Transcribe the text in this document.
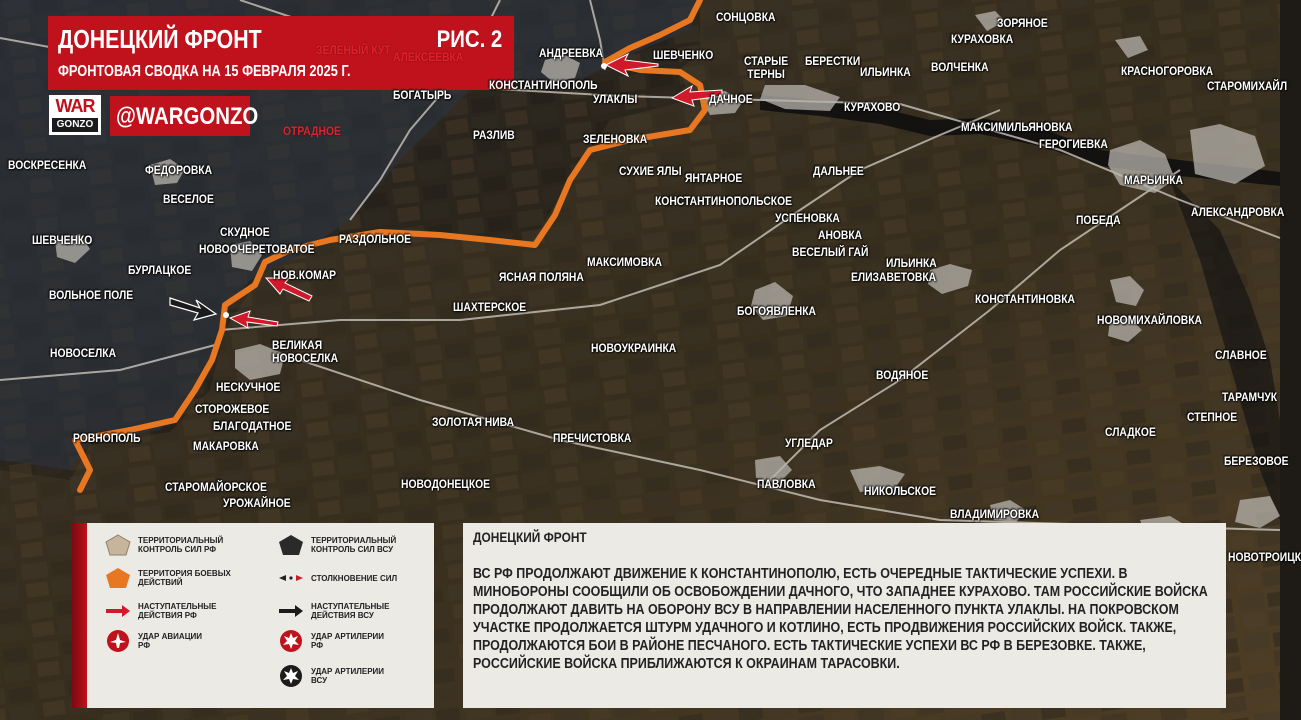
ДОНЕЦКИЙ ФРОНТ	РИС. 2
ФРОНТОВАЯ СВОДКА НА 15 ФЕВРАЛЯ 2025 Г.
WAR
GONZO @WARGONZO
СОНЦОВКА	ЗОРЯНОЕ
КУРАХОВКА
ЗЕЛЕНЫЙ КУТ АЛЕКСЕЕВКА	АНДРЕЕВКА	ШЕВЧЕНКО	СТАРЫЕ
ТЕРНЫ
БЕРЕСТКИ
ИЛЬИНКА ВОЛЧЕНКА	КРАСНОГОРОВКА
СТАРОМИХАЙЛ
КОНСТАНТИНОПОЛЬ
БОГАТЫРЬ	УЛАКЛЫ	ДАЧНОЕ
КУРАХОВО
ОТРАДНОЕ	РАЗЛИВ	ЗЕЛЕНОВКА
МАКСИМИЛЬЯНОВКА
ГЕРОГИЕВКА
ВОСКРЕСЕНКА	ФЕДОРОВКА	СУХИЕ ЯЛЫ ЯНТАРНОЕ	ДАЛЬНЕЕ
МАРЬИНКА
ВЕСЕЛОЕ	КОНСТАНТИНОПОЛЬСКОЕ
ПОБЕДА
АЛЕКСАНДРОВКА
СКУДНОЕ
УСПЕНОВКА
ШЕВЧЕНКО
НОВООЧЕРЕТОВАТОЕ
РАЗДОЛЬНОЕ	АНОВКА
ВЕСЕЛЫЙ ГАЙ
ИЛЬИНКА
БУРЛАЦКОЕ	НОВ.КОМАР	ЯСНАЯ ПОЛЯНА
МАКСИМОВКА
ЕЛИЗАВЕТОВКА
ВОЛЬНОЕ ПОЛЕ
ШАХТЕРСКОЕ
КОНСТАНТИНОВКА
БОГОЯВЛЕНКА
НОВОМИХАЙЛОВКА
ВЕЛИКАЯ
НОВОСЕЛКА
НОВОСЕЛКА	НОВОУКРАИНКА	СЛАВНОЕ
НЕСКУЧНОЕ
ВОДЯНОЕ
ТАРАМЧУК
СТОРОЖЕВОЕ
СТЕПНОЕ
БЛАГОДАТНОЕ	ЗОЛОТАЯ НИВА
РОВНОПОЛЬ	СЛАДКОЕ
ПРЕЧИСТОВКА	УГЛЕДАР
МАКАРОВКА
БЕРЕЗОВОЕ
ПАВЛОВКА
СТАРОМАЙОРСКОЕ	НОВОДОНЕЦКОЕ	НИКОЛЬСКОЕ
УРОЖАЙНОЕ
ВЛАДИМИРОВКА
НОВОТРОИЦК
ТЕРРИТОРИАЛЬНЫЙ
КОНТРОЛЬ СИЛ РФ
ТЕРРИТОРИАЛЬНЫЙ
КОНТРОЛЬ СИЛ ВСУ
ТЕРРИТОРИЯ БОЕВЫХ
ДЕЙСТВИЙ	СТОЛКНОВЕНИЕ СИЛ
НАСТУПАТЕЛЬНЫЕ
ДЕЙСТВИЯ РФ
НАСТУПАТЕЛЬНЫЕ
ДЕЙСТВИЯ ВСУ
УДАР АВИАЦИИ
РФ
УДАР АРТИЛЕРИИ
РФ
УДАР АРТИЛЕРИИ
ВСУ
ДОНЕЦКИЙ ФРОНТ
ВС РФ ПРОДОЛЖАЮТ ДВИЖЕНИЕ К КОНСТАНТИНОПОЛЮ, ЕСТЬ ОЧЕРЕДНЫЕ ТАКТИЧЕСКИЕ УСПЕХИ. В МИНОБОРОНЫ СООБЩИЛИ ОБ ОСВОБОЖДЕНИИ ДАЧНОГО, ЧТО ЗАПАДНЕЕ КУРАХОВО. ТАМ РОССИЙСКИЕ ВОЙСКА ПРОДОЛЖАЮТ ДАВИТЬ НА ОБОРОНУ ВСУ В НАПРАВЛЕНИИ НАСЕЛЕННОГО ПУНКТА УЛАКЛЫ. НА ПОКРОВСКОМ УЧАСТКЕ ПРОДОЛЖАЕТСЯ ШТУРМ УДАЧНОГО И КОТЛИНО, ЕСТЬ ПРОДВИЖЕНИЯ РОССИЙСКИХ ВОЙСК. ТАКЖЕ, ПРОДОЛЖАЮТСЯ БОИ В РАЙОНЕ ПЕСЧАНОГО. ЕСТЬ ТАКТИЧЕСКИЕ УСПЕХИ ВС РФ В БЕРЕЗОВКЕ. ТАКЖЕ, РОССИЙСКИЕ ВОЙСКА ПРИБЛИЖАЮТСЯ К ОКРАИНАМ ТАРАСОВКИ.
